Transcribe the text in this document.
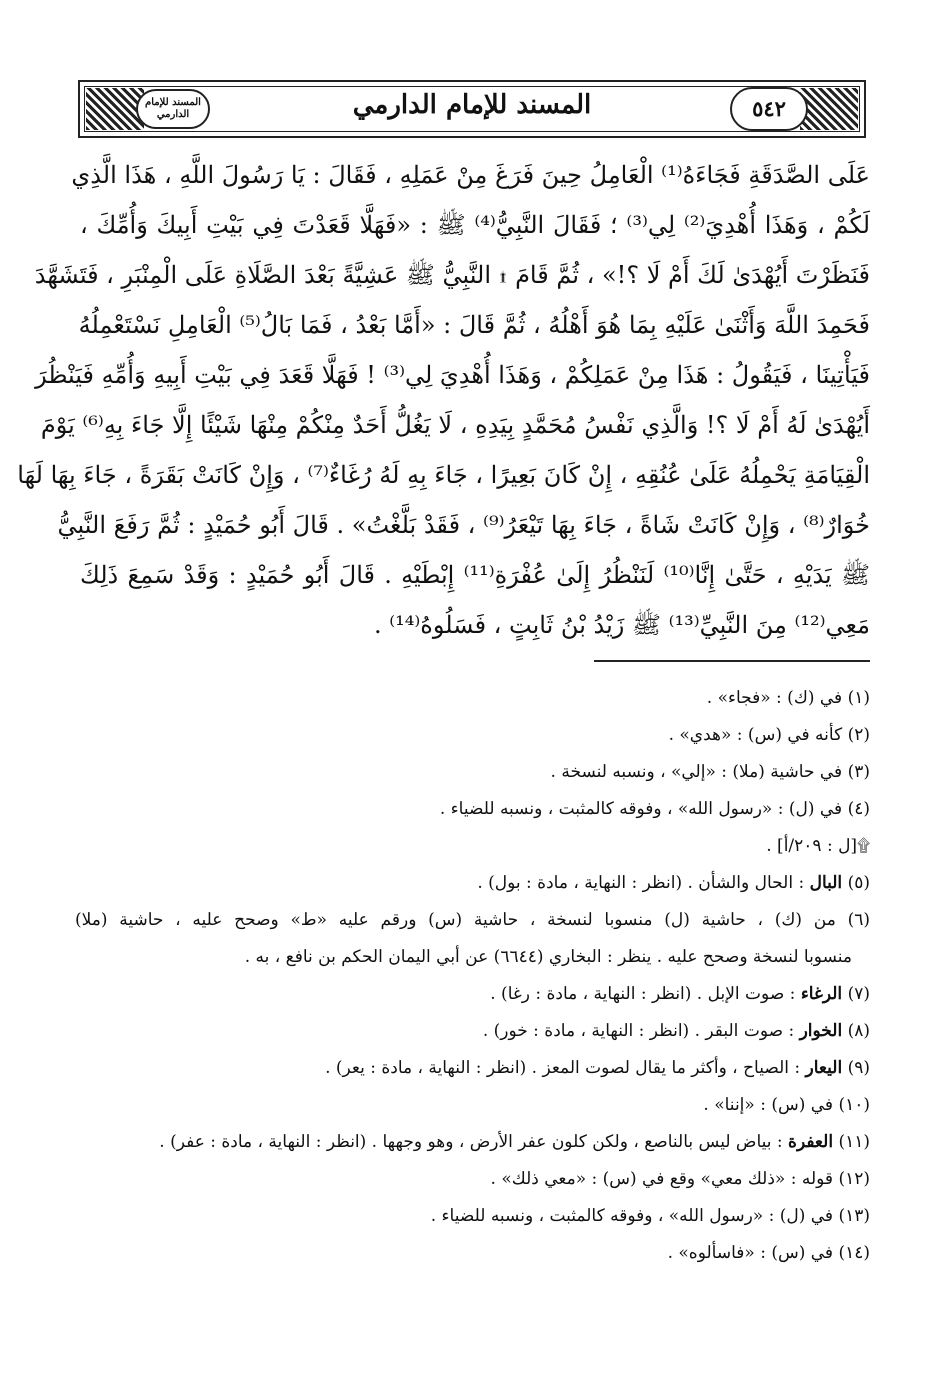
٥٤٢
المسند للإمام الدارمي	المسند للإمام الدارمي
عَلَى الصَّدَقَةِ فَجَاءَهُ⁽¹⁾ الْعَامِلُ حِينَ فَرَغَ مِنْ عَمَلِهِ ، فَقَالَ : يَا رَسُولَ اللَّهِ ، هَذَا الَّذِي
لَكُمْ ، وَهَذَا أُهْدِيَ⁽²⁾ لِي⁽³⁾ ؛ فَقَالَ النَّبِيُّ⁽⁴⁾ ﷺ : «فَهَلَّا قَعَدْتَ فِي بَيْتِ أَبِيكَ وَأُمِّكَ ،
فَنَظَرْتَ أَيُهْدَىٰ لَكَ أَمْ لَا ؟!» ، ثُمَّ قَامَ ۩ النَّبِيُّ ﷺ عَشِيَّةً بَعْدَ الصَّلَاةِ عَلَى الْمِنْبَرِ ، فَتَشَهَّدَ
فَحَمِدَ اللَّهَ وَأَثْنَىٰ عَلَيْهِ بِمَا هُوَ أَهْلُهُ ، ثُمَّ قَالَ : «أَمَّا بَعْدُ ، فَمَا بَالُ⁽⁵⁾ الْعَامِلِ نَسْتَعْمِلُهُ
فَيَأْتِينَا ، فَيَقُولُ : هَذَا مِنْ عَمَلِكُمْ ، وَهَذَا أُهْدِيَ لِي⁽³⁾ ! فَهَلَّا قَعَدَ فِي بَيْتِ أَبِيهِ وَأُمِّهِ فَيَنْظُرَ
أَيُهْدَىٰ لَهُ أَمْ لَا ؟! وَالَّذِي نَفْسُ مُحَمَّدٍ بِيَدِهِ ، لَا يَغُلُّ أَحَدٌ مِنْكُمْ مِنْهَا شَيْئًا إِلَّا جَاءَ بِهِ⁽⁶⁾ يَوْمَ
الْقِيَامَةِ يَحْمِلُهُ عَلَىٰ عُنُقِهِ ، إِنْ كَانَ بَعِيرًا ، جَاءَ بِهِ لَهُ رُغَاءٌ⁽⁷⁾ ، وَإِنْ كَانَتْ بَقَرَةً ، جَاءَ بِهَا لَهَا
خُوَارٌ⁽⁸⁾ ، وَإِنْ كَانَتْ شَاةً ، جَاءَ بِهَا تَيْعَرُ⁽⁹⁾ ، فَقَدْ بَلَّغْتُ» . قَالَ أَبُو حُمَيْدٍ : ثُمَّ رَفَعَ النَّبِيُّ
ﷺ يَدَيْهِ ، حَتَّىٰ إِنَّا⁽¹⁰⁾ لَنَنْظُرُ إِلَىٰ عُفْرَةِ⁽¹¹⁾ إِبْطَيْهِ . قَالَ أَبُو حُمَيْدٍ : وَقَدْ سَمِعَ ذَلِكَ
مَعِي⁽¹²⁾ مِنَ النَّبِيِّ⁽¹³⁾ ﷺ زَيْدُ بْنُ ثَابِتٍ ، فَسَلُوهُ⁽¹⁴⁾ .
(١) في (ك) : «فجاء» .
(٢) كأنه في (س) : «هدي» .
(٣) في حاشية (ملا) : «إلي» ، ونسبه لنسخة .
(٤) في (ل) : «رسول الله» ، وفوقه كالمثبت ، ونسبه للضياء .
۩[ل : ٢٠٩/أ] .
(٥) البال : الحال والشأن . (انظر : النهاية ، مادة : بول) .
(٦) من (ك) ، حاشية (ل) منسوبا لنسخة ، حاشية (س) ورقم عليه «ط» وصحح عليه ، حاشية (ملا)
منسوبا لنسخة وصحح عليه . ينظر : البخاري (٦٦٤٤) عن أبي اليمان الحكم بن نافع ، به .
(٧) الرغاء : صوت الإبل . (انظر : النهاية ، مادة : رغا) .
(٨) الخوار : صوت البقر . (انظر : النهاية ، مادة : خور) .
(٩) اليعار : الصياح ، وأكثر ما يقال لصوت المعز . (انظر : النهاية ، مادة : يعر) .
(١٠) في (س) : «إننا» .
(١١) العفرة : بياض ليس بالناصع ، ولكن كلون عفر الأرض ، وهو وجهها . (انظر : النهاية ، مادة : عفر) .
(١٢) قوله : «ذلك معي» وقع في (س) : «معي ذلك» .
(١٣) في (ل) : «رسول الله» ، وفوقه كالمثبت ، ونسبه للضياء .
(١٤) في (س) : «فاسألوه» .
